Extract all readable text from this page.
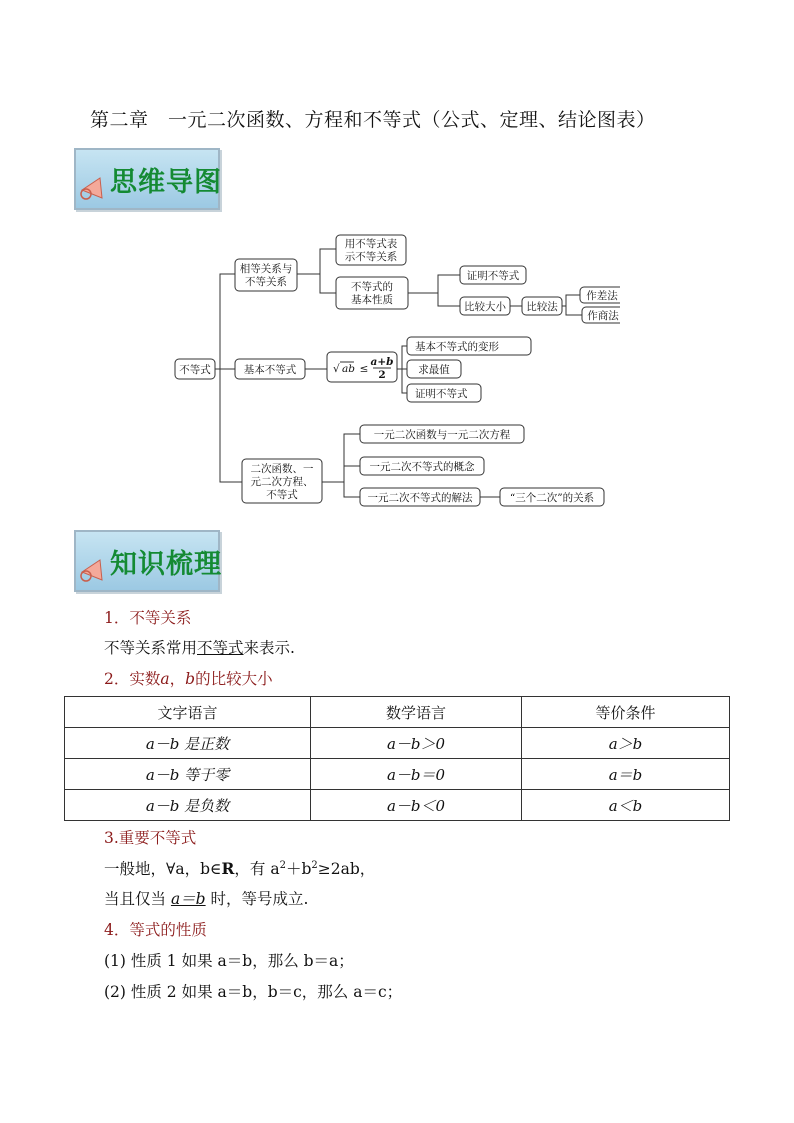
第二章　一元二次函数、方程和不等式（公式、定理、结论图表）
思维导图
不等式
相等关系与
不等关系
用不等式表
示不等关系
不等式的
基本性质
证明不等式
比较大小 比较法
作差法
作商法
基本不等式	√ ab ≤
a+b
2
基本不等式的变形
求最值
证明不等式
二次函数、一
元二次方程、
不等式
一元二次函数与一元二次方程
一元二次不等式的概念
一元二次不等式的解法	“三个二次”的关系
知识梳理
1．不等关系
不等关系常用不等式来表示.
2．实数a，b的比较大小
文字语言	数学语言	等价条件
a－b 是正数	a－b＞0	a＞b
a－b 等于零	a－b＝0	a＝b
a－b 是负数	a－b＜0	a＜b
3.重要不等式
一般地，∀a，b∈R，有 $a^2+b^2\ge 2ab$，
当且仅当 a＝b 时，等号成立.
4．等式的性质
(1) 性质 1 如果 a＝b，那么 b＝a；
(2) 性质 2 如果 a＝b，b＝c，那么 a＝c；
